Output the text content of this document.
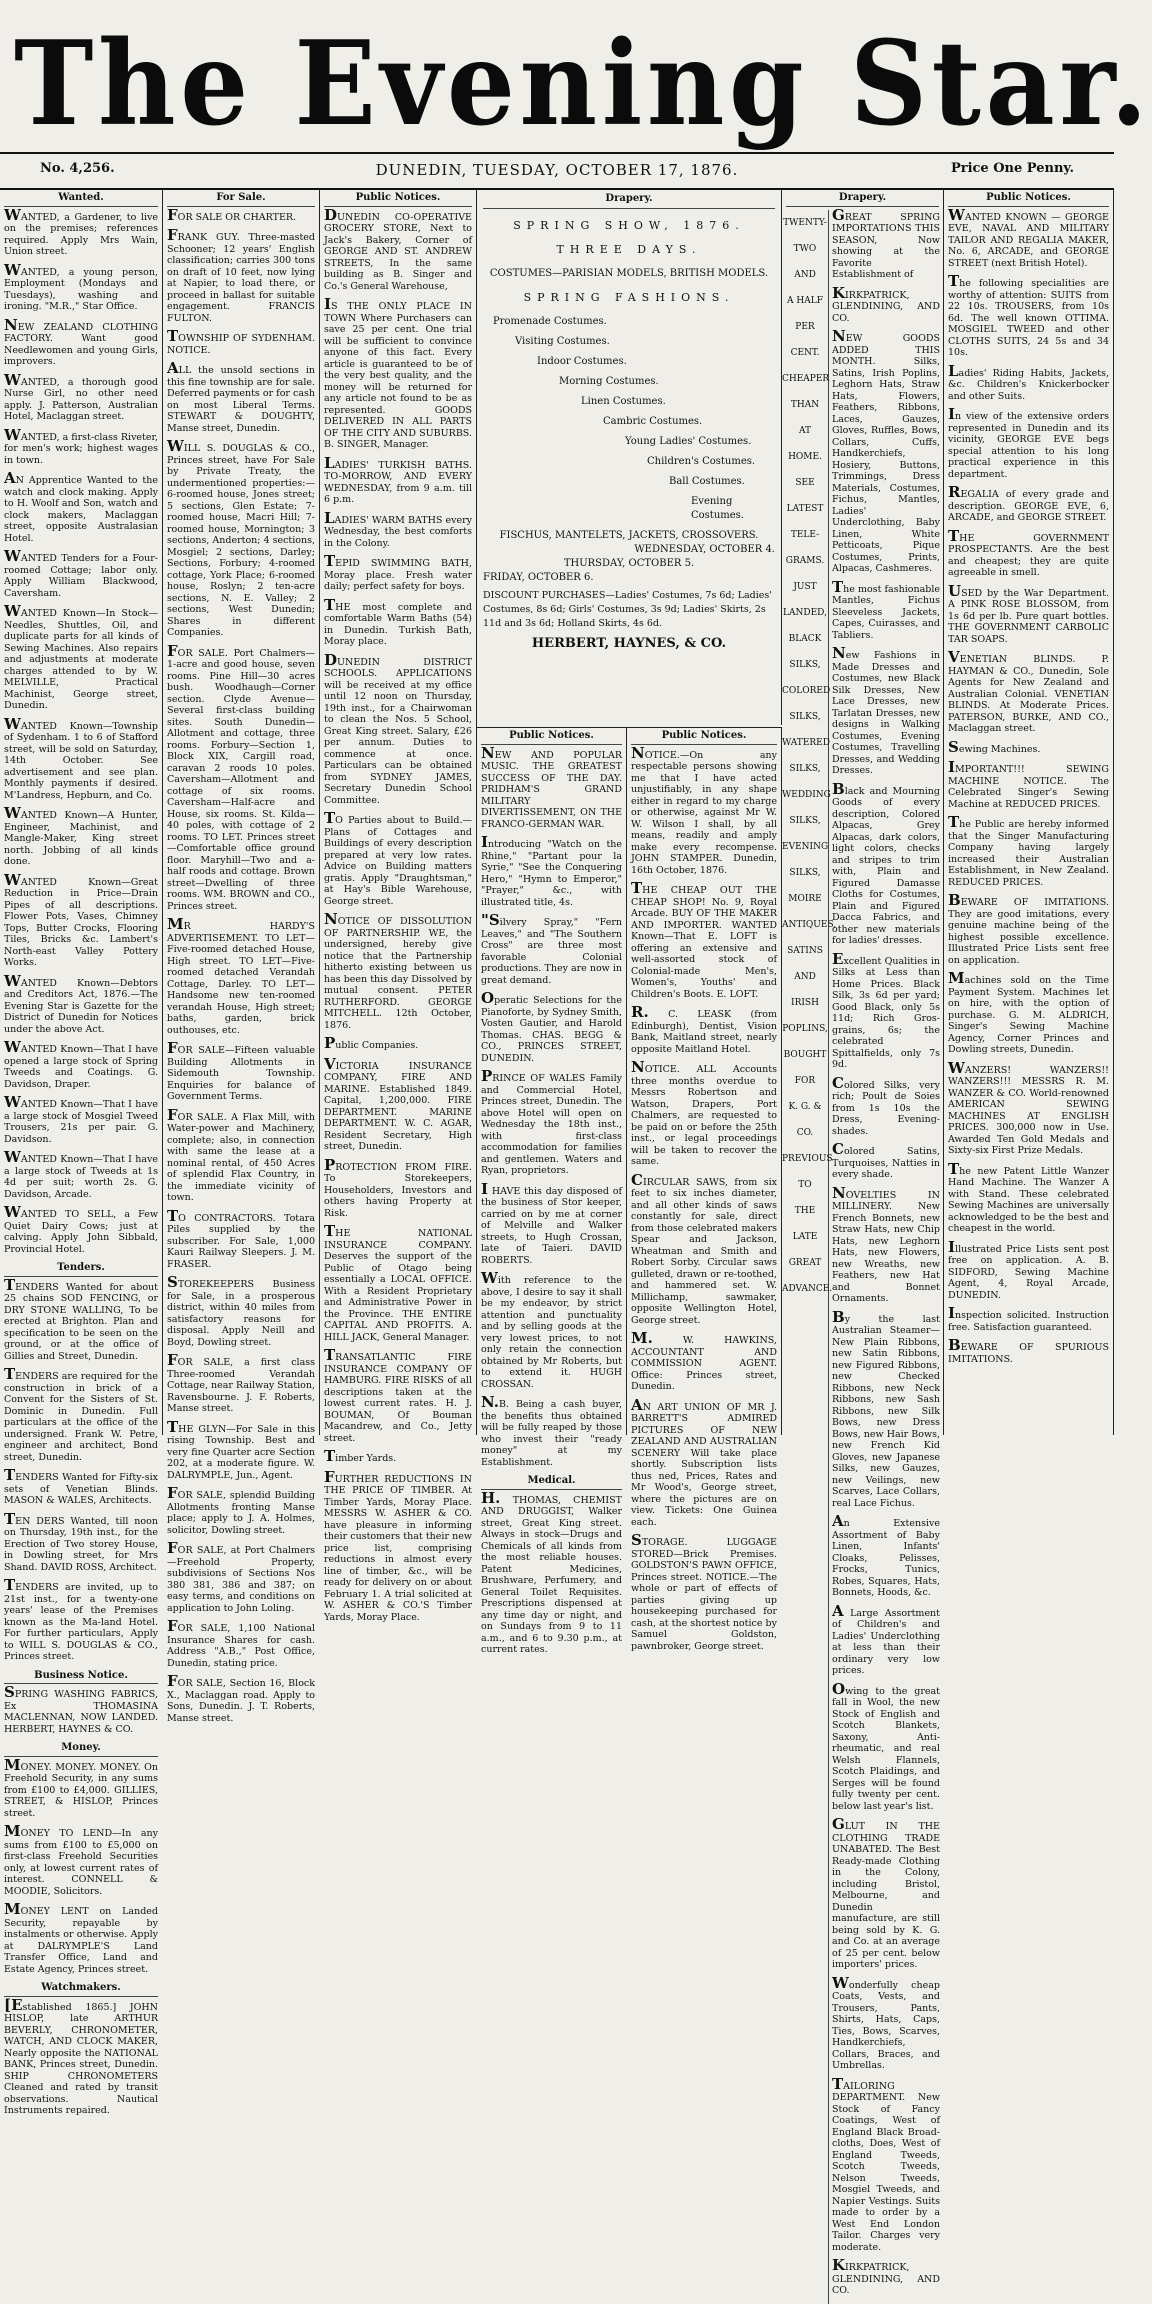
The Evening Star.
No. 4,256.	DUNEDIN, TUESDAY, OCTOBER 17, 1876.	Price One Penny.
Wanted.

WANTED, a Gardener, to live on the premises; references required. Apply Mrs Wain, Union street.

WANTED, a young person, Employment (Mondays and Tuesdays), washing and ironing. "M.R.," Star Office.

NEW ZEALAND CLOTHING FACTORY. Want good Needlewomen and young Girls, improvers.

WANTED, a thorough good Nurse Girl, no other need apply. J. Patterson, Australian Hotel, Maclaggan street.

WANTED, a first-class Riveter, for men's work; highest wages in town.

AN Apprentice Wanted to the watch and clock making. Apply to H. Woolf and Son, watch and clock makers, Maclaggan street, opposite Australasian Hotel.

WANTED Tenders for a Four-roomed Cottage; labor only. Apply William Blackwood, Caversham.

WANTED Known—In Stock—Needles, Shuttles, Oil, and duplicate parts for all kinds of Sewing Machines. Also repairs and adjustments at moderate charges attended to by W. MELVILLE, Practical Machinist, George street, Dunedin.

WANTED Known—Township of Sydenham. 1 to 6 of Stafford street, will be sold on Saturday, 14th October. See advertisement and see plan. Monthly payments if desired. M'Landress, Hepburn, and Co.

WANTED Known—A Hunter, Engineer, Machinist, and Mangle-Maker, King street north. Jobbing of all kinds done.

WANTED Known—Great Reduction in Price—Drain Pipes of all descriptions. Flower Pots, Vases, Chimney Tops, Butter Crocks, Flooring Tiles, Bricks &c. Lambert's North-east Valley Pottery Works.

WANTED Known—Debtors and Creditors Act, 1876.—The Evening Star is Gazette for the District of Dunedin for Notices under the above Act.

WANTED Known—That I have opened a large stock of Spring Tweeds and Coatings. G. Davidson, Draper.

WANTED Known—That I have a large stock of Mosgiel Tweed Trousers, 21s per pair. G. Davidson.

WANTED Known—That I have a large stock of Tweeds at 1s 4d per suit; worth 2s. G. Davidson, Arcade.

WANTED TO SELL, a Few Quiet Dairy Cows; just at calving. Apply John Sibbald, Provincial Hotel.

Tenders.

TENDERS Wanted for about 25 chains SOD FENCING, or DRY STONE WALLING, To be erected at Brighton. Plan and specification to be seen on the ground, or at the office of Gillies and Street, Dunedin.

TENDERS are required for the construction in brick of a Convent for the Sisters of St. Dominic in Dunedin. Full particulars at the office of the undersigned. Frank W. Petre, engineer and architect, Bond street, Dunedin.

TENDERS Wanted for Fifty-six sets of Venetian Blinds. MASON & WALES, Architects.

TEN DERS Wanted, till noon on Thursday, 19th inst., for the Erection of Two storey House, in Dowling street, for Mrs Shand. DAVID ROSS, Architect.

TENDERS are invited, up to 21st inst., for a twenty-one years' lease of the Premises known as the Ma-land Hotel. For further particulars, Apply to WILL S. DOUGLAS & CO., Princes street.

Business Notice.

SPRING WASHING FABRICS, Ex THOMASINA MACLENNAN, NOW LANDED. HERBERT, HAYNES & CO.

Money.

MONEY. MONEY. MONEY. On Freehold Security, in any sums from £100 to £4,000. GILLIES, STREET, & HISLOP, Princes street.

MONEY TO LEND—In any sums from £100 to £5,000 on first-class Freehold Securities only, at lowest current rates of interest. CONNELL & MOODIE, Solicitors.

MONEY LENT on Landed Security, repayable by instalments or otherwise. Apply at DALRYMPLE'S Land Transfer Office, Land and Estate Agency, Princes street.

Watchmakers.

[Established 1865.] JOHN HISLOP, late ARTHUR BEVERLY, CHRONOMETER, WATCH, AND CLOCK MAKER, Nearly opposite the NATIONAL BANK, Princes street, Dunedin. SHIP CHRONOMETERS Cleaned and rated by transit observations. Nautical Instruments repaired.

For Sale.

FOR SALE OR CHARTER.

FRANK GUY. Three-masted Schooner; 12 years' English classification; carries 300 tons on draft of 10 feet, now lying at Napier, to load there, or proceed in ballast for suitable engagement. FRANCIS FULTON.

TOWNSHIP OF SYDENHAM. NOTICE.

ALL the unsold sections in this fine township are for sale. Deferred payments or for cash on most Liberal Terms. STEWART & DOUGHTY, Manse street, Dunedin.

WILL S. DOUGLAS & CO., Princes street, have For Sale by Private Treaty, the undermentioned properties:— 6-roomed house, Jones street; 5 sections, Glen Estate; 7-roomed house, Macri Hill; 7-roomed house, Mornington; 3 sections, Anderton; 4 sections, Mosgiel; 2 sections, Darley; Sections, Forbury; 4-roomed cottage, York Place; 6-roomed house, Roslyn; 2 ten-acre sections, N. E. Valley; 2 sections, West Dunedin; Shares in different Companies.

FOR SALE. Port Chalmers—1-acre and good house, seven rooms. Pine Hill—30 acres bush. Woodhaugh—Corner section. Clyde Avenue—Several first-class building sites. South Dunedin—Allotment and cottage, three rooms. Forbury—Section 1, Block XIX, Cargill road, caravan 2 roods 10 poles. Caversham—Allotment and cottage of six rooms. Caversham—Half-acre and House, six rooms. St. Kilda—40 poles, with cottage of 2 rooms. TO LET. Princes street—Comfortable office ground floor. Maryhill—Two and a-half roods and cottage. Brown street—Dwelling of three rooms. WM. BROWN and CO., Princes street.

MR HARDY'S ADVERTISEMENT. TO LET—Five-roomed detached House, High street. TO LET—Five-roomed detached Verandah Cottage, Darley. TO LET—Handsome new ten-roomed verandah House, High street; baths, garden, brick outhouses, etc.

FOR SALE—Fifteen valuable Building Allotments in Sidemouth Township. Enquiries for balance of Government Terms.

FOR SALE. A Flax Mill, with Water-power and Machinery, complete; also, in connection with same the lease at a nominal rental, of 450 Acres of splendid Flax Country, in the immediate vicinity of town.

TO CONTRACTORS. Totara Piles supplied by the subscriber. For Sale, 1,000 Kauri Railway Sleepers. J. M. FRASER.

STOREKEEPERS Business for Sale, in a prosperous district, within 40 miles from satisfactory reasons for disposal. Apply Neill and Boyd, Dowling street.

FOR SALE, a first class Three-roomed Verandah Cottage, near Railway Station, Ravensbourne. J. F. Roberts, Manse street.

THE GLYN—For Sale in this rising Township. Best and very fine Quarter acre Section 202, at a moderate figure. W. DALRYMPLE, Jun., Agent.

FOR SALE, splendid Building Allotments fronting Manse place; apply to J. A. Holmes, solicitor, Dowling street.

FOR SALE, at Port Chalmers—Freehold Property, subdivisions of Sections Nos 380 381, 386 and 387; on easy terms, and conditions on application to John Loling.

FOR SALE, 1,100 National Insurance Shares for cash. Address "A.B.," Post Office, Dunedin, stating price.

FOR SALE, Section 16, Block X., Maclaggan road. Apply to Sons, Dunedin. J. T. Roberts, Manse street.

Public Notices.

DUNEDIN CO-OPERATIVE GROCERY STORE, Next to Jack's Bakery, Corner of GEORGE AND ST. ANDREW STREETS, In the same building as B. Singer and Co.'s General Warehouse,

IS THE ONLY PLACE IN TOWN Where Purchasers can save 25 per cent. One trial will be sufficient to convince anyone of this fact. Every article is guaranteed to be of the very best quality, and the money will be returned for any article not found to be as represented. GOODS DELIVERED IN ALL PARTS OF THE CITY AND SUBURBS. B. SINGER, Manager.

LADIES' TURKISH BATHS. TO-MORROW, AND EVERY WEDNESDAY, from 9 a.m. till 6 p.m.

LADIES' WARM BATHS every Wednesday, the best comforts in the Colony.

TEPID SWIMMING BATH, Moray place. Fresh water daily; perfect safety for boys.

THE most complete and comfortable Warm Baths (54) in Dunedin. Turkish Bath, Moray place.

DUNEDIN DISTRICT SCHOOLS. APPLICATIONS will be received at my office until 12 noon on Thursday, 19th inst., for a Chairwoman to clean the Nos. 5 School, Great King street. Salary, £26 per annum. Duties to commence at once. Particulars can be obtained from SYDNEY JAMES, Secretary Dunedin School Committee.

TO Parties about to Build.—Plans of Cottages and Buildings of every description prepared at very low rates. Advice on Building matters gratis. Apply "Draughtsman," at Hay's Bible Warehouse, George street.

NOTICE OF DISSOLUTION OF PARTNERSHIP. WE, the undersigned, hereby give notice that the Partnership hitherto existing between us has been this day Dissolved by mutual consent. PETER RUTHERFORD. GEORGE MITCHELL. 12th October, 1876.

Public Companies.

VICTORIA INSURANCE COMPANY, FIRE AND MARINE. Established 1849. Capital, 1,200,000. FIRE DEPARTMENT. MARINE DEPARTMENT. W. C. AGAR, Resident Secretary, High street, Dunedin.

PROTECTION FROM FIRE. To Storekeepers, Householders, Investors and others having Property at Risk.

THE NATIONAL INSURANCE COMPANY. Deserves the support of the Public of Otago being essentially a LOCAL OFFICE. With a Resident Proprietary and Administrative Power in the Province. THE ENTIRE CAPITAL AND PROFITS. A. HILL JACK, General Manager.

TRANSATLANTIC FIRE INSURANCE COMPANY OF HAMBURG. FIRE RISKS of all descriptions taken at the lowest current rates. H. J. BOUMAN, Of Bouman Macandrew, and Co., Jetty street.

Timber Yards.

FURTHER REDUCTIONS IN THE PRICE OF TIMBER. At Timber Yards, Moray Place. MESSRS W. ASHER & CO. have pleasure in informing their customers that their new price list, comprising reductions in almost every line of timber, &c., will be ready for delivery on or about February 1. A trial solicited at W. ASHER & CO.'S Timber Yards, Moray Place.

Drapery.
SPRING SHOW, 1876.
THREE DAYS.
COSTUMES—PARISIAN MODELS, BRITISH MODELS.
SPRING FASHIONS.
Promenade Costumes.
Visiting Costumes.
Indoor Costumes.
Morning Costumes.
Linen Costumes.
Cambric Costumes.
Young Ladies' Costumes.
Children's Costumes.
Ball Costumes.
Evening Costumes.
FISCHUS, MANTELETS, JACKETS, CROSSOVERS.
WEDNESDAY, OCTOBER 4.
THURSDAY, OCTOBER 5.
FRIDAY, OCTOBER 6.
DISCOUNT PURCHASES—Ladies' Costumes, 7s 6d; Ladies' Costumes, 8s 6d; Girls' Costumes, 3s 9d; Ladies' Skirts, 2s 11d and 3s 6d; Holland Skirts, 4s 6d.
HERBERT, HAYNES, & CO.
Public Notices.

NEW AND POPULAR MUSIC. THE GREATEST SUCCESS OF THE DAY. PRIDHAM'S GRAND MILITARY DIVERTISSEMENT, ON THE FRANCO-GERMAN WAR.

Introducing "Watch on the Rhine," "Partant pour la Syrie," "See the Conquering Hero," "Hymn to Emperor," "Prayer," &c., with illustrated title, 4s.

"Silvery Spray," "Fern Leaves," and "The Southern Cross" are three most favorable Colonial productions. They are now in great demand.

Operatic Selections for the Pianoforte, by Sydney Smith, Vosten Gautier, and Harold Thomas. CHAS. BEGG & CO., PRINCES STREET, DUNEDIN.

PRINCE OF WALES Family and Commercial Hotel, Princes street, Dunedin. The above Hotel will open on Wednesday the 18th inst., with first-class accommodation for families and gentlemen. Waters and Ryan, proprietors.

I HAVE this day disposed of the business of Stor keeper, carried on by me at corner of Melville and Walker streets, to Hugh Crossan, late of Taieri. DAVID ROBERTS.

With reference to the above, I desire to say it shall be my endeavor, by strict attention and punctuality and by selling goods at the very lowest prices, to not only retain the connection obtained by Mr Roberts, but to extend it. HUGH CROSSAN.

N.B. Being a cash buyer, the benefits thus obtained will be fully reaped by those who invest their "ready money" at my Establishment.

Medical.

H. THOMAS, CHEMIST AND DRUGGIST, Walker street, Great King street. Always in stock—Drugs and Chemicals of all kinds from the most reliable houses. Patent Medicines, Brushware, Perfumery, and General Toilet Requisites. Prescriptions dispensed at any time day or night, and on Sundays from 9 to 11 a.m., and 6 to 9.30 p.m., at current rates.

Public Notices.

NOTICE.—On any respectable persons showing me that I have acted unjustifiably, in any shape either in regard to my charge or otherwise, against Mr W. W. Wilson I shall, by all means, readily and amply make every recompense. JOHN STAMPER. Dunedin, 16th October, 1876.

THE CHEAP OUT THE CHEAP SHOP! No. 9, Royal Arcade. BUY OF THE MAKER AND IMPORTER. WANTED Known—That E. LOFT is offering an extensive and well-assorted stock of Colonial-made Men's, Women's, Youths' and Children's Boots. E. LOFT.

R. C. LEASK (from Edinburgh), Dentist, Vision Bank, Maitland street, nearly opposite Maitland Hotel.

NOTICE. ALL Accounts three months overdue to Messrs Robertson and Watson, Drapers, Port Chalmers, are requested to be paid on or before the 25th inst., or legal proceedings will be taken to recover the same.

CIRCULAR SAWS, from six feet to six inches diameter, and all other kinds of saws constantly for sale, direct from those celebrated makers Spear and Jackson, Wheatman and Smith and Robert Sorby. Circular saws gulleted, drawn or re-toothed, and hammered set. W. Millichamp, sawmaker, opposite Wellington Hotel, George street.

M. W. HAWKINS, ACCOUNTANT AND COMMISSION AGENT. Office: Princes street, Dunedin.

AN ART UNION OF MR J. BARRETT'S ADMIRED PICTURES OF NEW ZEALAND AND AUSTRALIAN SCENERY Will take place shortly. Subscription lists thus ned, Prices, Rates and Mr Wood's, George street, where the pictures are on view. Tickets: One Guinea each.

STORAGE. LUGGAGE STORED—Brick Premises. GOLDSTON'S PAWN OFFICE, Princes street. NOTICE.—The whole or part of effects of parties giving up housekeeping purchased for cash, at the shortest notice by Samuel Goldston, pawnbroker, George street.

Drapery.
TWENTY-
TWO AND
A HALF
PER CENT.
CHEAPER
THAN
AT
HOME.
SEE
LATEST
TELE-
GRAMS.
JUST
LANDED,
BLACK
SILKS,
COLORED
SILKS,
WATERED
SILKS,
WEDDING
SILKS,
EVENING
SILKS,
MOIRE
ANTIQUES,
SATINS
AND
IRISH
POPLINS,
BOUGHT
FOR
K. G. & CO.
PREVIOUS
TO
THE
LATE
GREAT
ADVANCE.

GREAT SPRING IMPORTATIONS THIS SEASON, Now showing at the Favorite Establishment of

KIRKPATRICK, GLENDINING, AND CO.

NEW GOODS ADDED THIS MONTH. Silks, Satins, Irish Poplins, Leghorn Hats, Straw Hats, Flowers, Feathers, Ribbons, Laces, Gauzes, Gloves, Ruffles, Bows, Collars, Cuffs, Handkerchiefs, Hosiery, Buttons, Trimmings, Dress Materials, Costumes, Fichus, Mantles, Ladies' Underclothing, Baby Linen, White Petticoats, Pique Costumes, Prints, Alpacas, Cashmeres.

The most fashionable Mantles, Fichus Sleeveless Jackets, Capes, Cuirasses, and Tabliers.

New Fashions in Made Dresses and Costumes, new Black Silk Dresses, New Lace Dresses, new Tarlatan Dresses, new designs in Walking Costumes, Evening Costumes, Travelling Dresses, and Wedding Dresses.

Black and Mourning Goods of every description, Colored Alpacas, Grey Alpacas, dark colors, light colors, checks and stripes to trim with, Plain and Figured Damasse Cloths for Costumes, Plain and Figured Dacca Fabrics, and other new materials for ladies' dresses.

Excellent Qualities in Silks at Less than Home Prices. Black Silk, 3s 6d per yard; Good Black, only 5s 11d; Rich Gros-grains, 6s; the celebrated Spittalfields, only 7s 9d.

Colored Silks, very rich; Poult de Soies from 1s 10s the Dress, Evening-shades.

Colored Satins, Turquoises, Natties in every shade.

NOVELTIES IN MILLINERY. New French Bonnets, new Straw Hats, new Chip Hats, new Leghorn Hats, new Flowers, new Wreaths, new Feathers, new Hat and Bonnet Ornaments.

By the last Australian Steamer—New Plain Ribbons, new Satin Ribbons, new Figured Ribbons, new Checked Ribbons, new Neck Ribbons, new Sash Ribbons, new Silk Bows, new Dress Bows, new Hair Bows, new French Kid Gloves, new Japanese Silks, new Gauzes, new Veilings, new Scarves, Lace Collars, real Lace Fichus.

An Extensive Assortment of Baby Linen, Infants' Cloaks, Pelisses, Frocks, Tunics, Robes, Squares, Hats, Bonnets, Hoods, &c.

A Large Assortment of Children's and Ladies' Underclothing at less than their ordinary very low prices.

Owing to the great fall in Wool, the new Stock of English and Scotch Blankets, Saxony, Anti-rheumatic, and real Welsh Flannels, Scotch Plaidings, and Serges will be found fully twenty per cent. below last year's list.

GLUT IN THE CLOTHING TRADE UNABATED. The Best Ready-made Clothing in the Colony, including Bristol, Melbourne, and Dunedin manufacture, are still being sold by K. G. and Co. at an average of 25 per cent. below importers' prices.

Wonderfully cheap Coats, Vests, and Trousers, Pants, Shirts, Hats, Caps, Ties, Bows, Scarves, Handkerchiefs, Collars, Braces, and Umbrellas.

TAILORING DEPARTMENT. New Stock of Fancy Coatings, West of England Black Broad-cloths, Does, West of England Tweeds, Scotch Tweeds, Nelson Tweeds, Mosgiel Tweeds, and Napier Vestings. Suits made to order by a West End London Tailor. Charges very moderate.

KIRKPATRICK, GLENDINING, AND CO.

Public Notices.

WANTED KNOWN — GEORGE EVE, NAVAL AND MILITARY TAILOR AND REGALIA MAKER, No. 6, ARCADE, and GEORGE STREET (next British Hotel).

The following specialities are worthy of attention: SUITS from 22 10s. TROUSERS, from 10s 6d. The well known OTTIMA. MOSGIEL TWEED and other CLOTHS SUITS, 24 5s and 34 10s.

Ladies' Riding Habits, Jackets, &c. Children's Knickerbocker and other Suits.

In view of the extensive orders represented in Dunedin and its vicinity, GEORGE EVE begs special attention to his long practical experience in this department.

REGALIA of every grade and description. GEORGE EVE, 6, ARCADE, and GEORGE STREET.

THE GOVERNMENT PROSPECTANTS. Are the best and cheapest; they are quite agreeable in smell.

USED by the War Department. A PINK ROSE BLOSSOM, from 1s 6d per lb. Pure quart bottles. THE GOVERNMENT CARBOLIC TAR SOAPS.

VENETIAN BLINDS. P. HAYMAN & CO., Dunedin, Sole Agents for New Zealand and Australian Colonial. VENETIAN BLINDS. At Moderate Prices. PATERSON, BURKE, AND CO., Maclaggan street.

Sewing Machines.

IMPORTANT!!! SEWING MACHINE NOTICE. The Celebrated Singer's Sewing Machine at REDUCED PRICES.

The Public are hereby informed that the Singer Manufacturing Company having largely increased their Australian Establishment, in New Zealand. REDUCED PRICES.

BEWARE OF IMITATIONS. They are good imitations, every genuine machine being of the highest possible excellence. Illustrated Price Lists sent free on application.

Machines sold on the Time Payment System. Machines let on hire, with the option of purchase. G. M. ALDRICH, Singer's Sewing Machine Agency, Corner Princes and Dowling streets, Dunedin.

WANZERS! WANZERS!! WANZERS!!! MESSRS R. M. WANZER & CO. World-renowned AMERICAN SEWING MACHINES AT ENGLISH PRICES. 300,000 now in Use. Awarded Ten Gold Medals and Sixty-six First Prize Medals.

The new Patent Little Wanzer Hand Machine. The Wanzer A with Stand. These celebrated Sewing Machines are universally acknowledged to be the best and cheapest in the world.

Illustrated Price Lists sent post free on application. A. B. SIDFORD, Sewing Machine Agent, 4, Royal Arcade, DUNEDIN.

Inspection solicited. Instruction free. Satisfaction guaranteed.

BEWARE OF SPURIOUS IMITATIONS.
